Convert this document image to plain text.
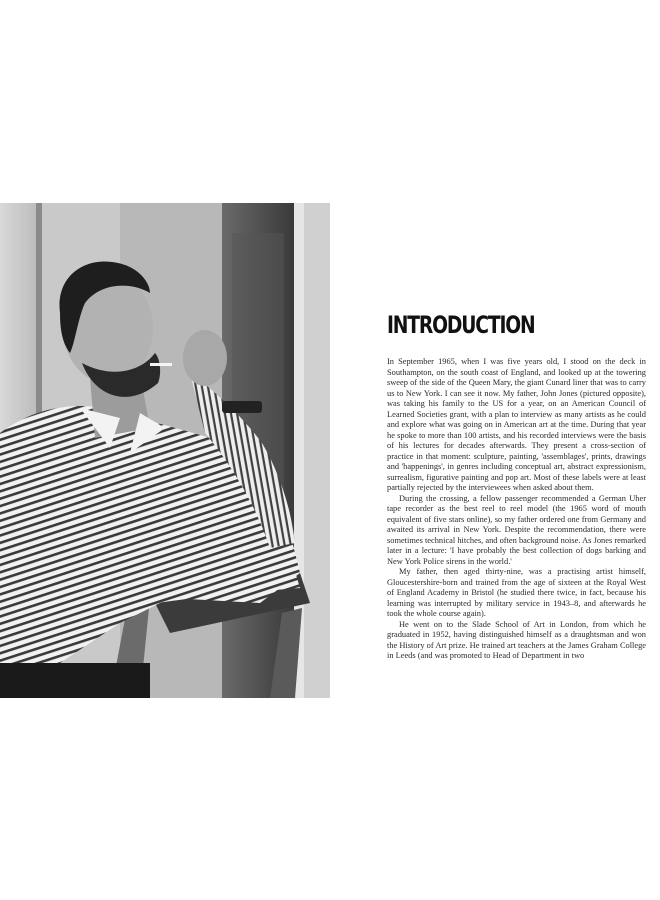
INTRODUCTION

In September 1965, when I was five years old, I stood on the deck in Southampton, on the south coast of England, and looked up at the towering sweep of the side of the Queen Mary, the giant Cunard liner that was to carry us to New York. I can see it now. My father, John Jones (pictured opposite), was taking his family to the US for a year, on an American Council of Learned Societies grant, with a plan to interview as many artists as he could and explore what was going on in American art at the time. During that year he spoke to more than 100 artists, and his recorded interviews were the basis of his lectures for decades afterwards. They present a cross-section of practice in that moment: sculpture, painting, 'assemblages', prints, drawings and 'happenings', in genres including conceptual art, abstract expressionism, surrealism, figurative painting and pop art. Most of these labels were at least partially rejected by the interviewees when asked about them.

During the crossing, a fellow passenger recommended a German Uher tape recorder as the best reel to reel model (the 1965 word of mouth equivalent of five stars online), so my father ordered one from Germany and awaited its arrival in New York. Despite the recommendation, there were sometimes technical hitches, and often background noise. As Jones remarked later in a lecture: 'I have probably the best collection of dogs barking and New York Police sirens in the world.'

My father, then aged thirty-nine, was a practising artist himself, Gloucestershire-born and trained from the age of sixteen at the Royal West of England Academy in Bristol (he studied there twice, in fact, because his learning was interrupted by military service in 1943–8, and afterwards he took the whole course again).

He went on to the Slade School of Art in London, from which he graduated in 1952, having distinguished himself as a draughtsman and won the History of Art prize. He trained art teachers at the James Graham College in Leeds (and was promoted to Head of Department in two
